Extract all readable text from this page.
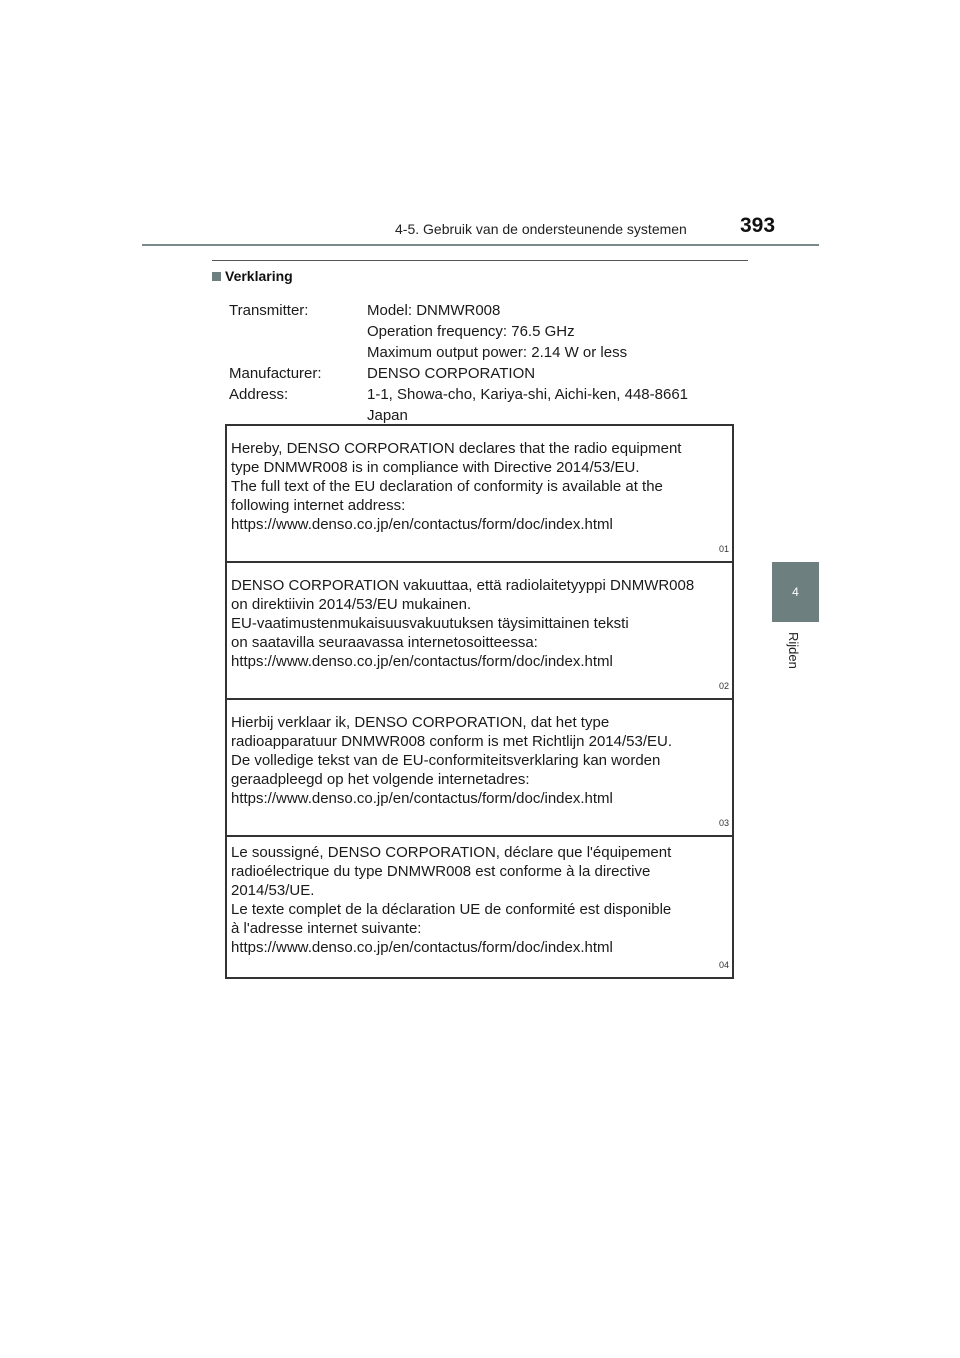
4-5. Gebruik van de ondersteunende systemen	393
4
Rijden
Verklaring
Transmitter:	Model: DNMWR008
Operation frequency: 76.5 GHz
Maximum output power: 2.14 W or less
Manufacturer:	DENSO CORPORATION
Address:	1-1, Showa-cho, Kariya-shi, Aichi-ken, 448-8661
Japan
Hereby, DENSO CORPORATION declares that the radio equipment
type DNMWR008 is in compliance with Directive 2014/53/EU.
The full text of the EU declaration of conformity is available at the
following internet address:
https://www.denso.co.jp/en/contactus/form/doc/index.html
01
DENSO CORPORATION vakuuttaa, että radiolaitetyyppi DNMWR008
on direktiivin 2014/53/EU mukainen.
EU-vaatimustenmukaisuusvakuutuksen täysimittainen teksti
on saatavilla seuraavassa internetosoitteessa:
https://www.denso.co.jp/en/contactus/form/doc/index.html
02
Hierbij verklaar ik, DENSO CORPORATION, dat het type
radioapparatuur DNMWR008 conform is met Richtlijn 2014/53/EU.
De volledige tekst van de EU-conformiteitsverklaring kan worden
geraadpleegd op het volgende internetadres:
https://www.denso.co.jp/en/contactus/form/doc/index.html
03
Le soussigné, DENSO CORPORATION, déclare que l'équipement
radioélectrique du type DNMWR008 est conforme à la directive
2014/53/UE.
Le texte complet de la déclaration UE de conformité est disponible
à l'adresse internet suivante:
https://www.denso.co.jp/en/contactus/form/doc/index.html
04
